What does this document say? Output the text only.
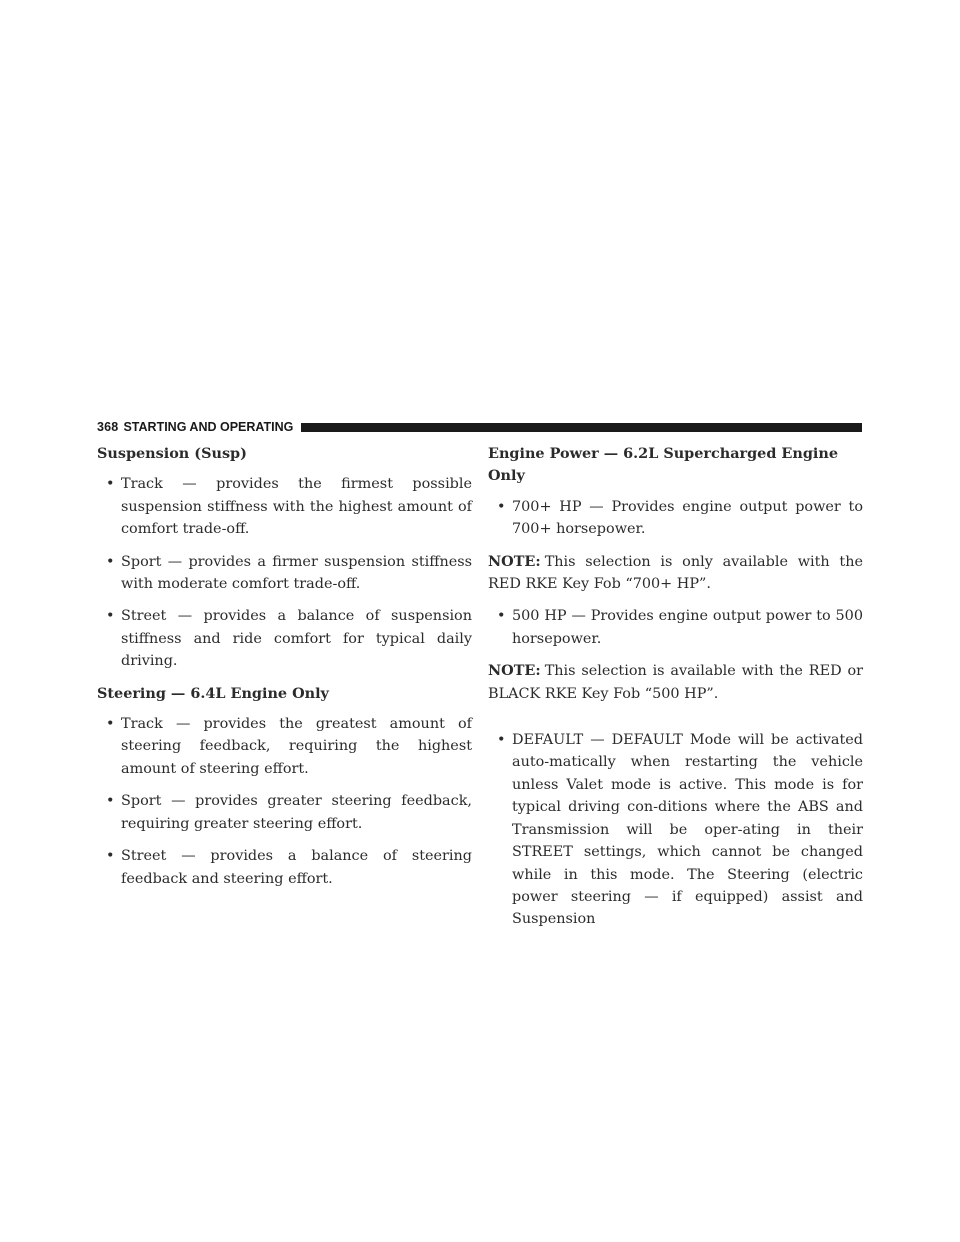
368 STARTING AND OPERATING
Suspension (Susp)
• Track — provides the firmest possible suspension stiffness with the highest amount of comfort trade-off.
• Sport — provides a firmer suspension stiffness with moderate comfort trade-off.
• Street — provides a balance of suspension stiffness and ride comfort for typical daily driving.
Steering — 6.4L Engine Only
• Track — provides the greatest amount of steering feedback, requiring the highest amount of steering effort.
• Sport — provides greater steering feedback, requiring greater steering effort.
• Street — provides a balance of steering feedback and steering effort.
Engine Power — 6.2L Supercharged Engine Only
• 700+ HP — Provides engine output power to 700+ horsepower.
NOTE: This selection is only available with the RED RKE Key Fob “700+ HP”.
• 500 HP — Provides engine output power to 500 horsepower.
NOTE: This selection is available with the RED or BLACK RKE Key Fob “500 HP”.
• DEFAULT — DEFAULT Mode will be activated auto-matically when restarting the vehicle unless Valet mode is active. This mode is for typical driving con-ditions where the ABS and Transmission will be oper-ating in their STREET settings, which cannot be changed while in this mode. The Steering (electric power steering — if equipped) assist and Suspension
